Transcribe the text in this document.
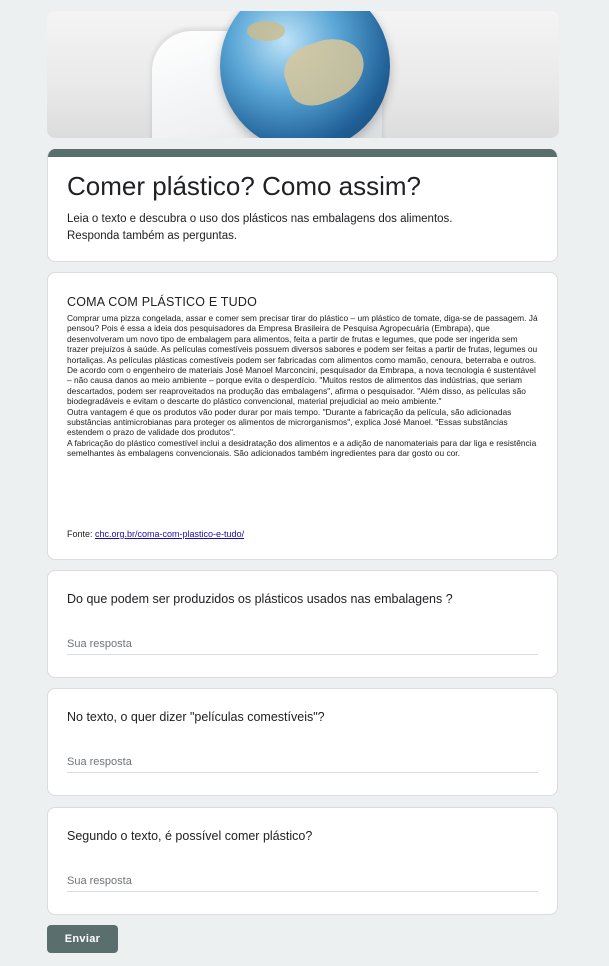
Comer plástico? Como assim?
Leia o texto e descubra o uso dos plásticos nas embalagens dos alimentos.
Responda também as perguntas.
COMA COM PLÁSTICO E TUDO

Comprar uma pizza congelada, assar e comer sem precisar tirar do plástico – um plástico de tomate, diga-se de passagem. Já pensou? Pois é essa a ideia dos pesquisadores da Empresa Brasileira de Pesquisa Agropecuária (Embrapa), que desenvolveram um novo tipo de embalagem para alimentos, feita a partir de frutas e legumes, que pode ser ingerida sem trazer prejuízos à saúde. As películas comestíveis possuem diversos sabores e podem ser feitas a partir de frutas, legumes ou hortaliças. As películas plásticas comestíveis podem ser fabricadas com alimentos como mamão, cenoura, beterraba e outros. De acordo com o engenheiro de materiais José Manoel Marconcini, pesquisador da Embrapa, a nova tecnologia é sustentável – não causa danos ao meio ambiente – porque evita o desperdício. "Muitos restos de alimentos das indústrias, que seriam descartados, podem ser reaproveitados na produção das embalagens", afirma o pesquisador. "Além disso, as películas são biodegradáveis e evitam o descarte do plástico convencional, material prejudicial ao meio ambiente."

Outra vantagem é que os produtos vão poder durar por mais tempo. "Durante a fabricação da película, são adicionadas substâncias antimicrobianas para proteger os alimentos de microrganismos", explica José Manoel. "Essas substâncias estendem o prazo de validade dos produtos".

A fabricação do plástico comestível inclui a desidratação dos alimentos e a adição de nanomateriais para dar liga e resistência semelhantes às embalagens convencionais. São adicionados também ingredientes para dar gosto ou cor.

Fonte: chc.org.br/coma-com-plastico-e-tudo/
Do que podem ser produzidos os plásticos usados nas embalagens ?
Sua resposta
No texto, o quer dizer "películas comestíveis"?
Sua resposta
Segundo o texto, é possível comer plástico?
Sua resposta
Enviar
